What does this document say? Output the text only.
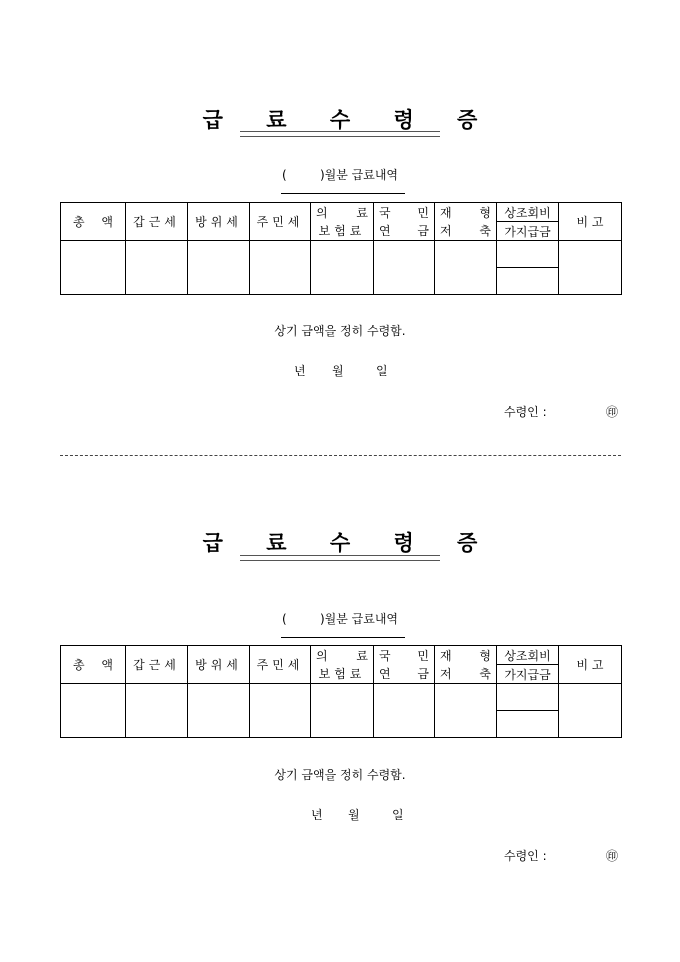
급 료 수 령 증
(	)월분 급료내역
총 액	갑근세	방위세	주민세	의 료	국 민	재 형	상조회비	비 고
				보험료	연 금	저 축	가지급금	

상기 금액을 정히 수령함.
년 월	일
수령인 :	㊞
급 료 수 령 증
(	)월분 급료내역
총 액	갑근세	방위세	주민세	의 료	국 민	재 형	상조회비	비 고
				보험료	연 금	저 축	가지급금	

상기 금액을 정히 수령함.
년 월	일
수령인 :	㊞
